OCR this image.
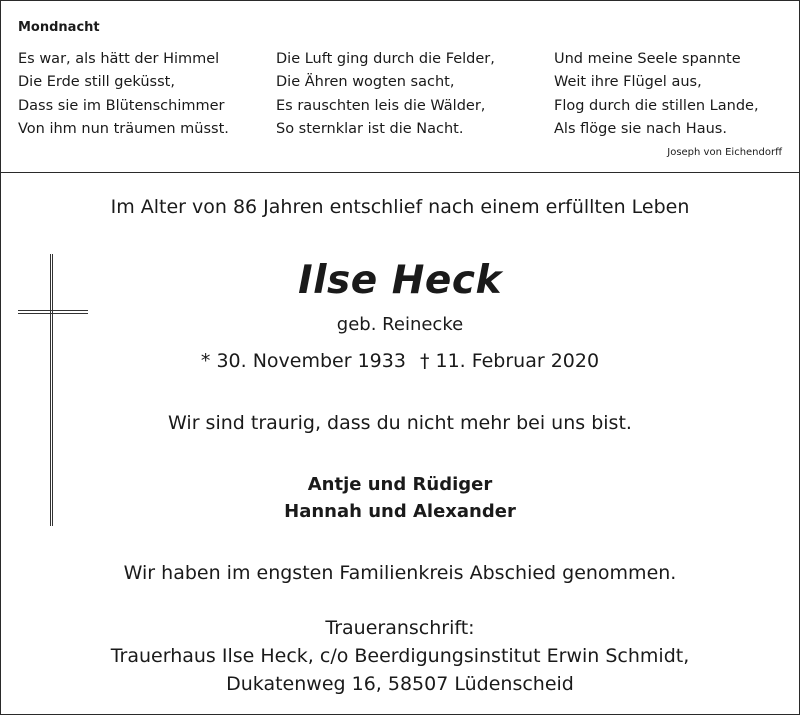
Mondnacht
Es war, als hätt der Himmel
Die Erde still geküsst,
Dass sie im Blütenschimmer
Von ihm nun träumen müsst.
Die Luft ging durch die Felder,
Die Ähren wogten sacht,
Es rauschten leis die Wälder,
So sternklar ist die Nacht.
Und meine Seele spannte
Weit ihre Flügel aus,
Flog durch die stillen Lande,
Als flöge sie nach Haus.
Joseph von Eichendorff
Im Alter von 86 Jahren entschlief nach einem erfüllten Leben
Ilse Heck
geb. Reinecke
* 30. November 1933 † 11. Februar 2020
Wir sind traurig, dass du nicht mehr bei uns bist.
Antje und Rüdiger
Hannah und Alexander
Wir haben im engsten Familienkreis Abschied genommen.
Traueranschrift:
Trauerhaus Ilse Heck, c/o Beerdigungsinstitut Erwin Schmidt,
Dukatenweg 16, 58507 Lüdenscheid
